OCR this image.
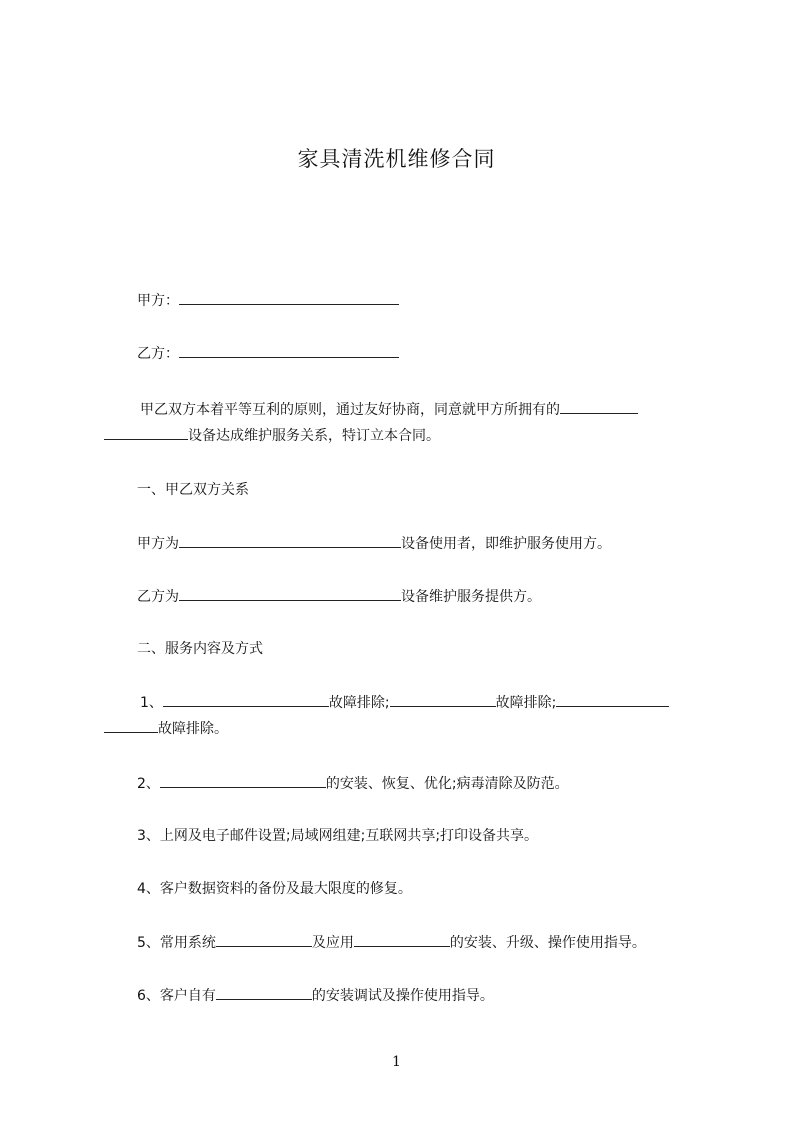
家具清洗机维修合同
甲方：
乙方：
甲乙双方本着平等互利的原则，通过友好协商，同意就甲方所拥有的
设备达成维护服务关系，特订立本合同。
一、甲乙双方关系
甲方为	设备使用者，即维护服务使用方。
乙方为	设备维护服务提供方。
二、服务内容及方式
1、	故障排除;	故障排除;
故障排除。
2、	的安装、恢复、优化;病毒清除及防范。
3、上网及电子邮件设置;局域网组建;互联网共享;打印设备共享。
4、客户数据资料的备份及最大限度的修复。
5、常用系统	及应用	的安装、升级、操作使用指导。
6、客户自有	的安装调试及操作使用指导。
1
